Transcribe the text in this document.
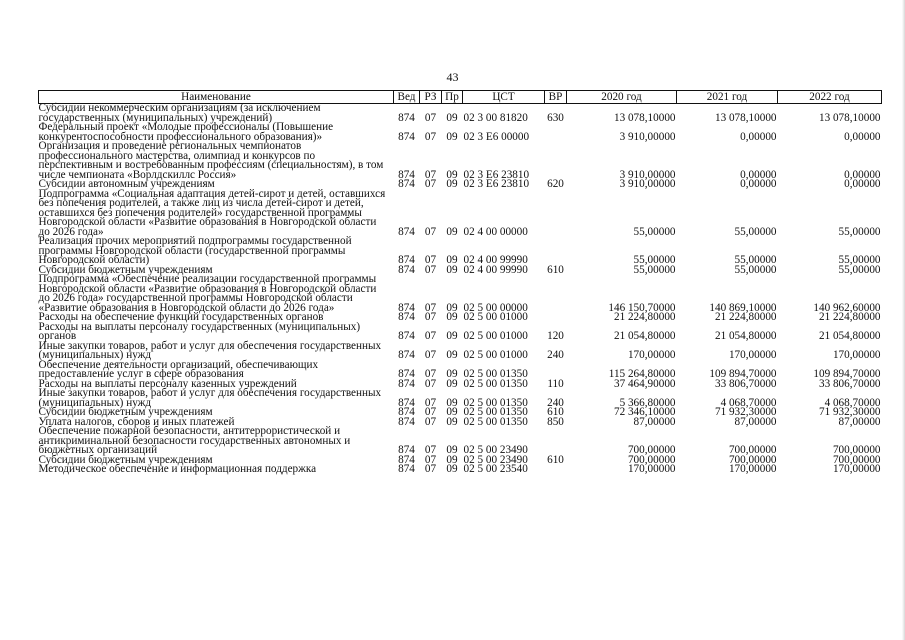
43
Наименование	Вед	РЗ	Пр	ЦСТ	ВР	2020 год	2021 год	2022 год
Субсидии некоммерческим организациям (за исключением государственных (муниципальных) учреждений)	874	07	09	02 3 00 81820	630	13 078,10000	13 078,10000	13 078,10000
Федеральный проект «Молодые профессионалы (Повышение конкурентоспособности профессионального образования)»	874	07	09	02 3 Е6 00000		3 910,00000	0,00000	0,00000
Организация и проведение региональных чемпионатов профессионального мастерства, олимпиад и конкурсов по перспективным и востребованным профессиям (специальностям), в том числе чемпионата «Ворлдскиллс Россия»	874	07	09	02 3 Е6 23810		3 910,00000	0,00000	0,00000
Субсидии автономным учреждениям	874	07	09	02 3 Е6 23810	620	3 910,00000	0,00000	0,00000
Подпрограмма «Социальная адаптация детей-сирот и детей, оставшихся без попечения родителей, а также лиц из числа детей-сирот и детей, оставшихся без попечения родителей» государственной программы Новгородской области «Развитие образования в Новгородской области до 2026 года»	874	07	09	02 4 00 00000		55,00000	55,00000	55,00000
Реализация прочих мероприятий подпрограммы государственной программы Новгородской области (государственной программы Новгородской области)	874	07	09	02 4 00 99990		55,00000	55,00000	55,00000
Субсидии бюджетным учреждениям	874	07	09	02 4 00 99990	610	55,00000	55,00000	55,00000
Подпрограмма «Обеспечение реализации государственной программы Новгородской области «Развитие образования в Новгородской области до 2026 года» государственной программы Новгородской области «Развитие образования в Новгородской области до 2026 года»	874	07	09	02 5 00 00000		146 150,70000	140 869,10000	140 962,60000
Расходы на обеспечение функций государственных органов	874	07	09	02 5 00 01000		21 224,80000	21 224,80000	21 224,80000
Расходы на выплаты персоналу государственных (муниципальных) органов	874	07	09	02 5 00 01000	120	21 054,80000	21 054,80000	21 054,80000
Иные закупки товаров, работ и услуг для обеспечения государственных (муниципальных) нужд	874	07	09	02 5 00 01000	240	170,00000	170,00000	170,00000
Обеспечение деятельности организаций, обеспечивающих предоставление услуг в сфере образования	874	07	09	02 5 00 01350		115 264,80000	109 894,70000	109 894,70000
Расходы на выплаты персоналу казенных учреждений	874	07	09	02 5 00 01350	110	37 464,90000	33 806,70000	33 806,70000
Иные закупки товаров, работ и услуг для обеспечения государственных (муниципальных) нужд	874	07	09	02 5 00 01350	240	5 366,80000	4 068,70000	4 068,70000
Субсидии бюджетным учреждениям	874	07	09	02 5 00 01350	610	72 346,10000	71 932,30000	71 932,30000
Уплата налогов, сборов и иных платежей	874	07	09	02 5 00 01350	850	87,00000	87,00000	87,00000
Обеспечение пожарной безопасности, антитеррористической и антикриминальной безопасности государственных автономных и бюджетных организаций	874	07	09	02 5 00 23490		700,00000	700,00000	700,00000
Субсидии бюджетным учреждениям	874	07	09	02 5 00 23490	610	700,00000	700,00000	700,00000
Методическое обеспечение и информационная поддержка	874	07	09	02 5 00 23540		170,00000	170,00000	170,00000
